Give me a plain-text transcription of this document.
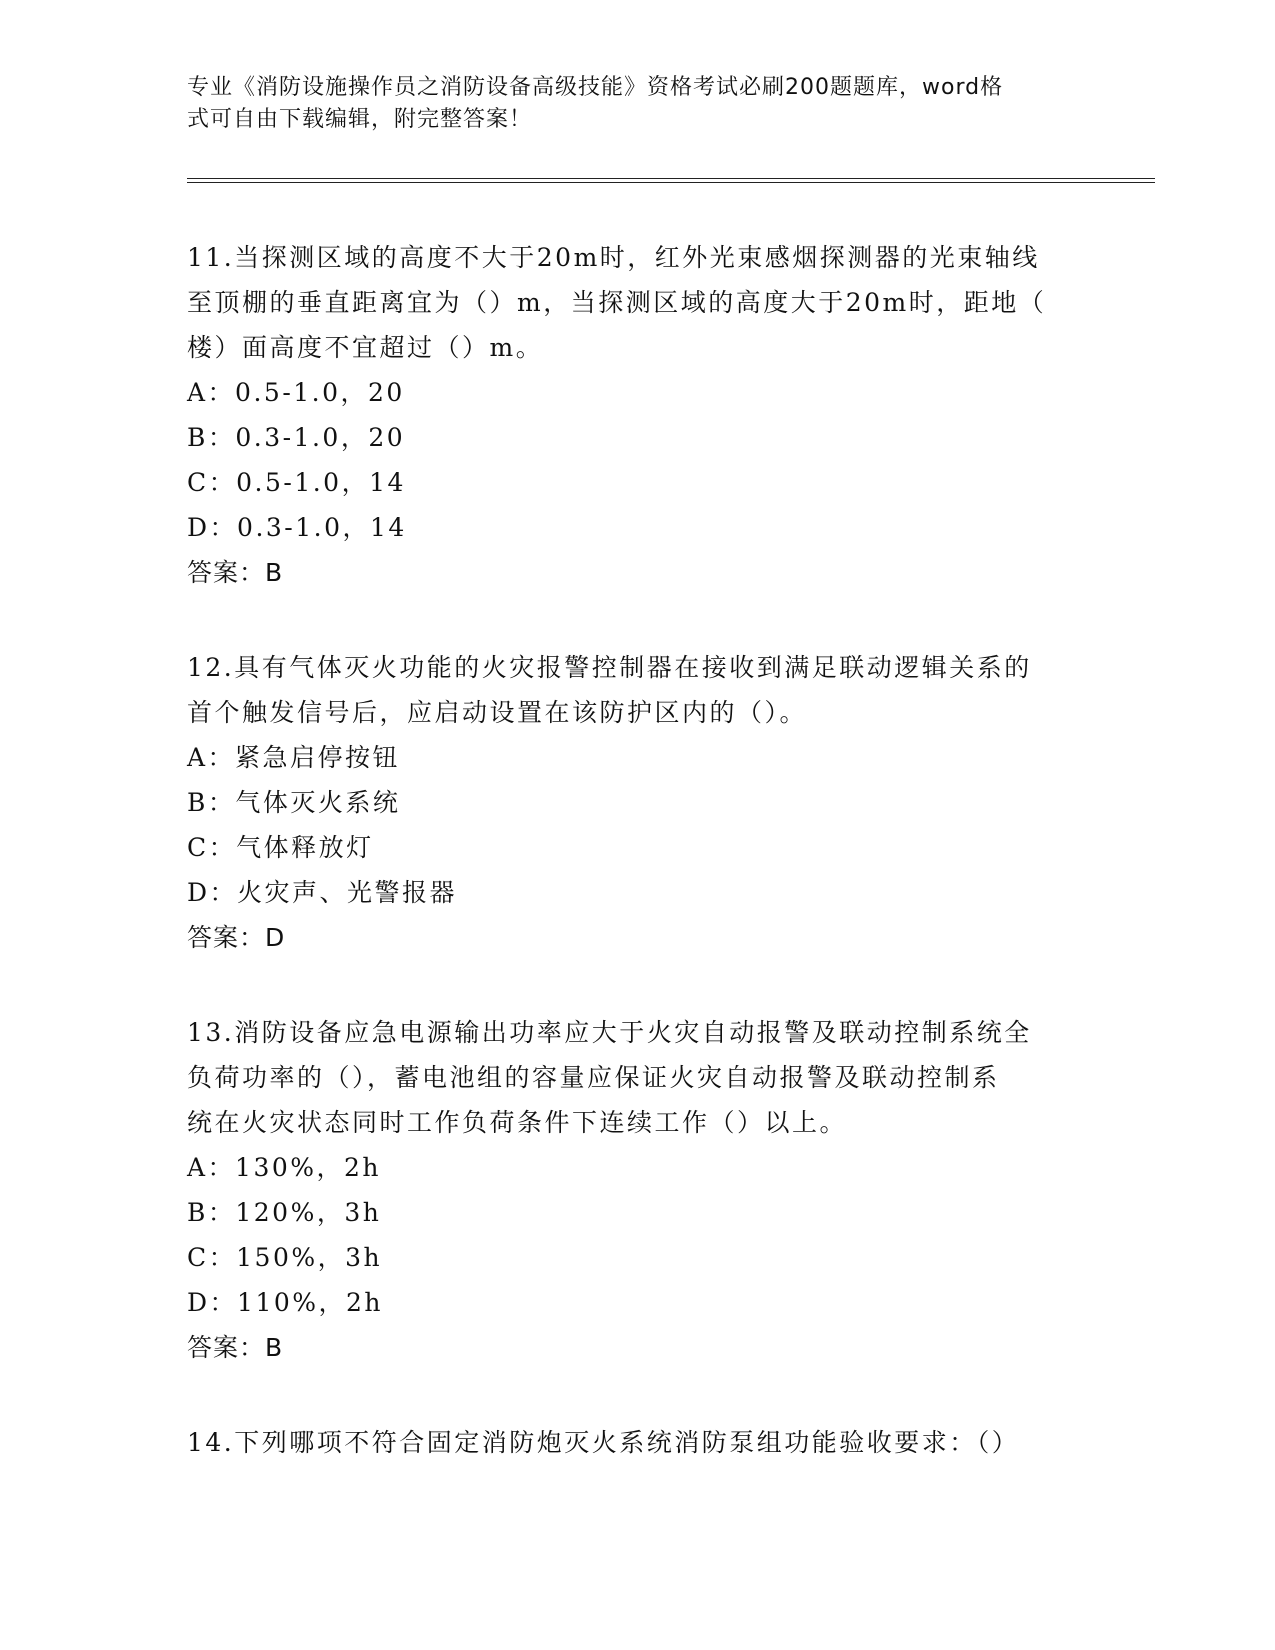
专业《消防设施操作员之消防设备高级技能》资格考试必刷200题题库，word格
式可自由下载编辑，附完整答案！
11.当探测区域的高度不大于20m时，红外光束感烟探测器的光束轴线
至顶棚的垂直距离宜为（）m，当探测区域的高度大于20m时，距地（
楼）面高度不宜超过（）m。
A：0.5-1.0，20
B：0.3-1.0，20
C：0.5-1.0，14
D：0.3-1.0，14
答案：B
12.具有气体灭火功能的火灾报警控制器在接收到满足联动逻辑关系的
首个触发信号后，应启动设置在该防护区内的（）。
A：紧急启停按钮
B：气体灭火系统
C：气体释放灯
D：火灾声、光警报器
答案：D
13.消防设备应急电源输出功率应大于火灾自动报警及联动控制系统全
负荷功率的（），蓄电池组的容量应保证火灾自动报警及联动控制系
统在火灾状态同时工作负荷条件下连续工作（）以上。
A：130%，2h
B：120%，3h
C：150%，3h
D：110%，2h
答案：B
14.下列哪项不符合固定消防炮灭火系统消防泵组功能验收要求：（）
